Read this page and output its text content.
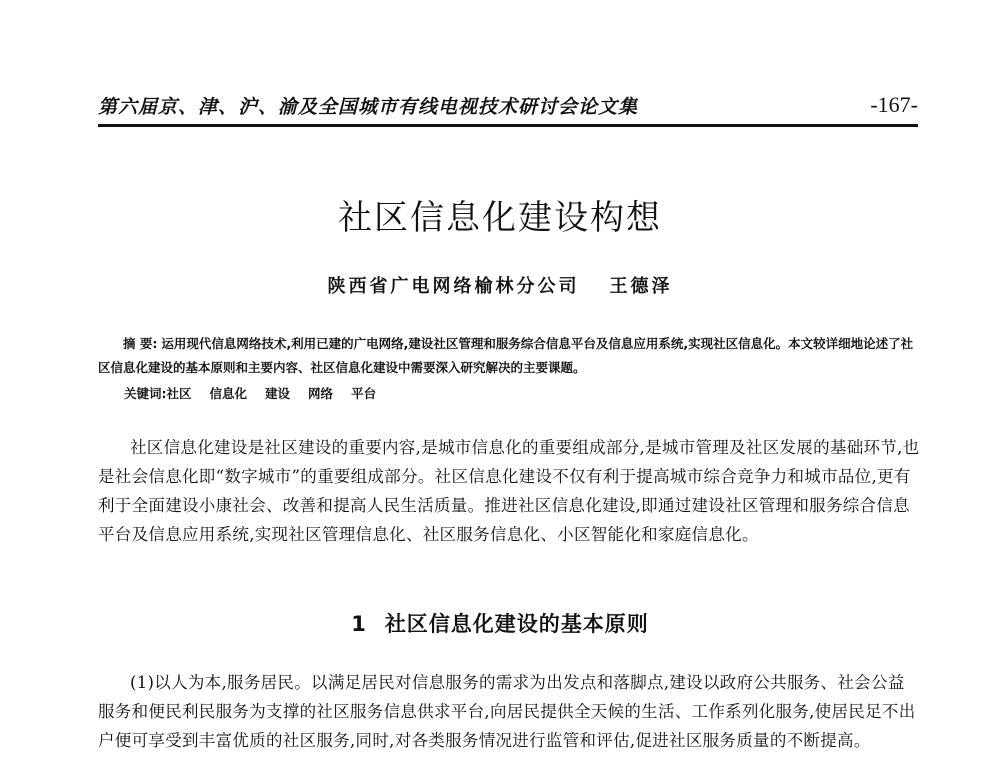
第六届京、津、沪、渝及全国城市有线电视技术研讨会论文集	-167-
社区信息化建设构想
陕西省广电网络榆林分公司 王德泽

摘 要: 运用现代信息网络技术,利用已建的广电网络,建设社区管理和服务综合信息平台及信息应用系统,实现社区信息化。本文较详细地论述了社区信息化建设的基本原则和主要内容、社区信息化建设中需要深入研究解决的主要课题。

关键词:社区 信息化 建设 网络 平台

社区信息化建设是社区建设的重要内容,是城市信息化的重要组成部分,是城市管理及社区发展的基础环节,也是社会信息化即“数字城市”的重要组成部分。社区信息化建设不仅有利于提高城市综合竞争力和城市品位,更有利于全面建设小康社会、改善和提高人民生活质量。推进社区信息化建设,即通过建设社区管理和服务综合信息平台及信息应用系统,实现社区管理信息化、社区服务信息化、小区智能化和家庭信息化。

1 社区信息化建设的基本原则

(1)以人为本,服务居民。以满足居民对信息服务的需求为出发点和落脚点,建设以政府公共服务、社会公益服务和便民利民服务为支撑的社区服务信息供求平台,向居民提供全天候的生活、工作系列化服务,使居民足不出户便可享受到丰富优质的社区服务,同时,对各类服务情况进行监管和评估,促进社区服务质量的不断提高。
